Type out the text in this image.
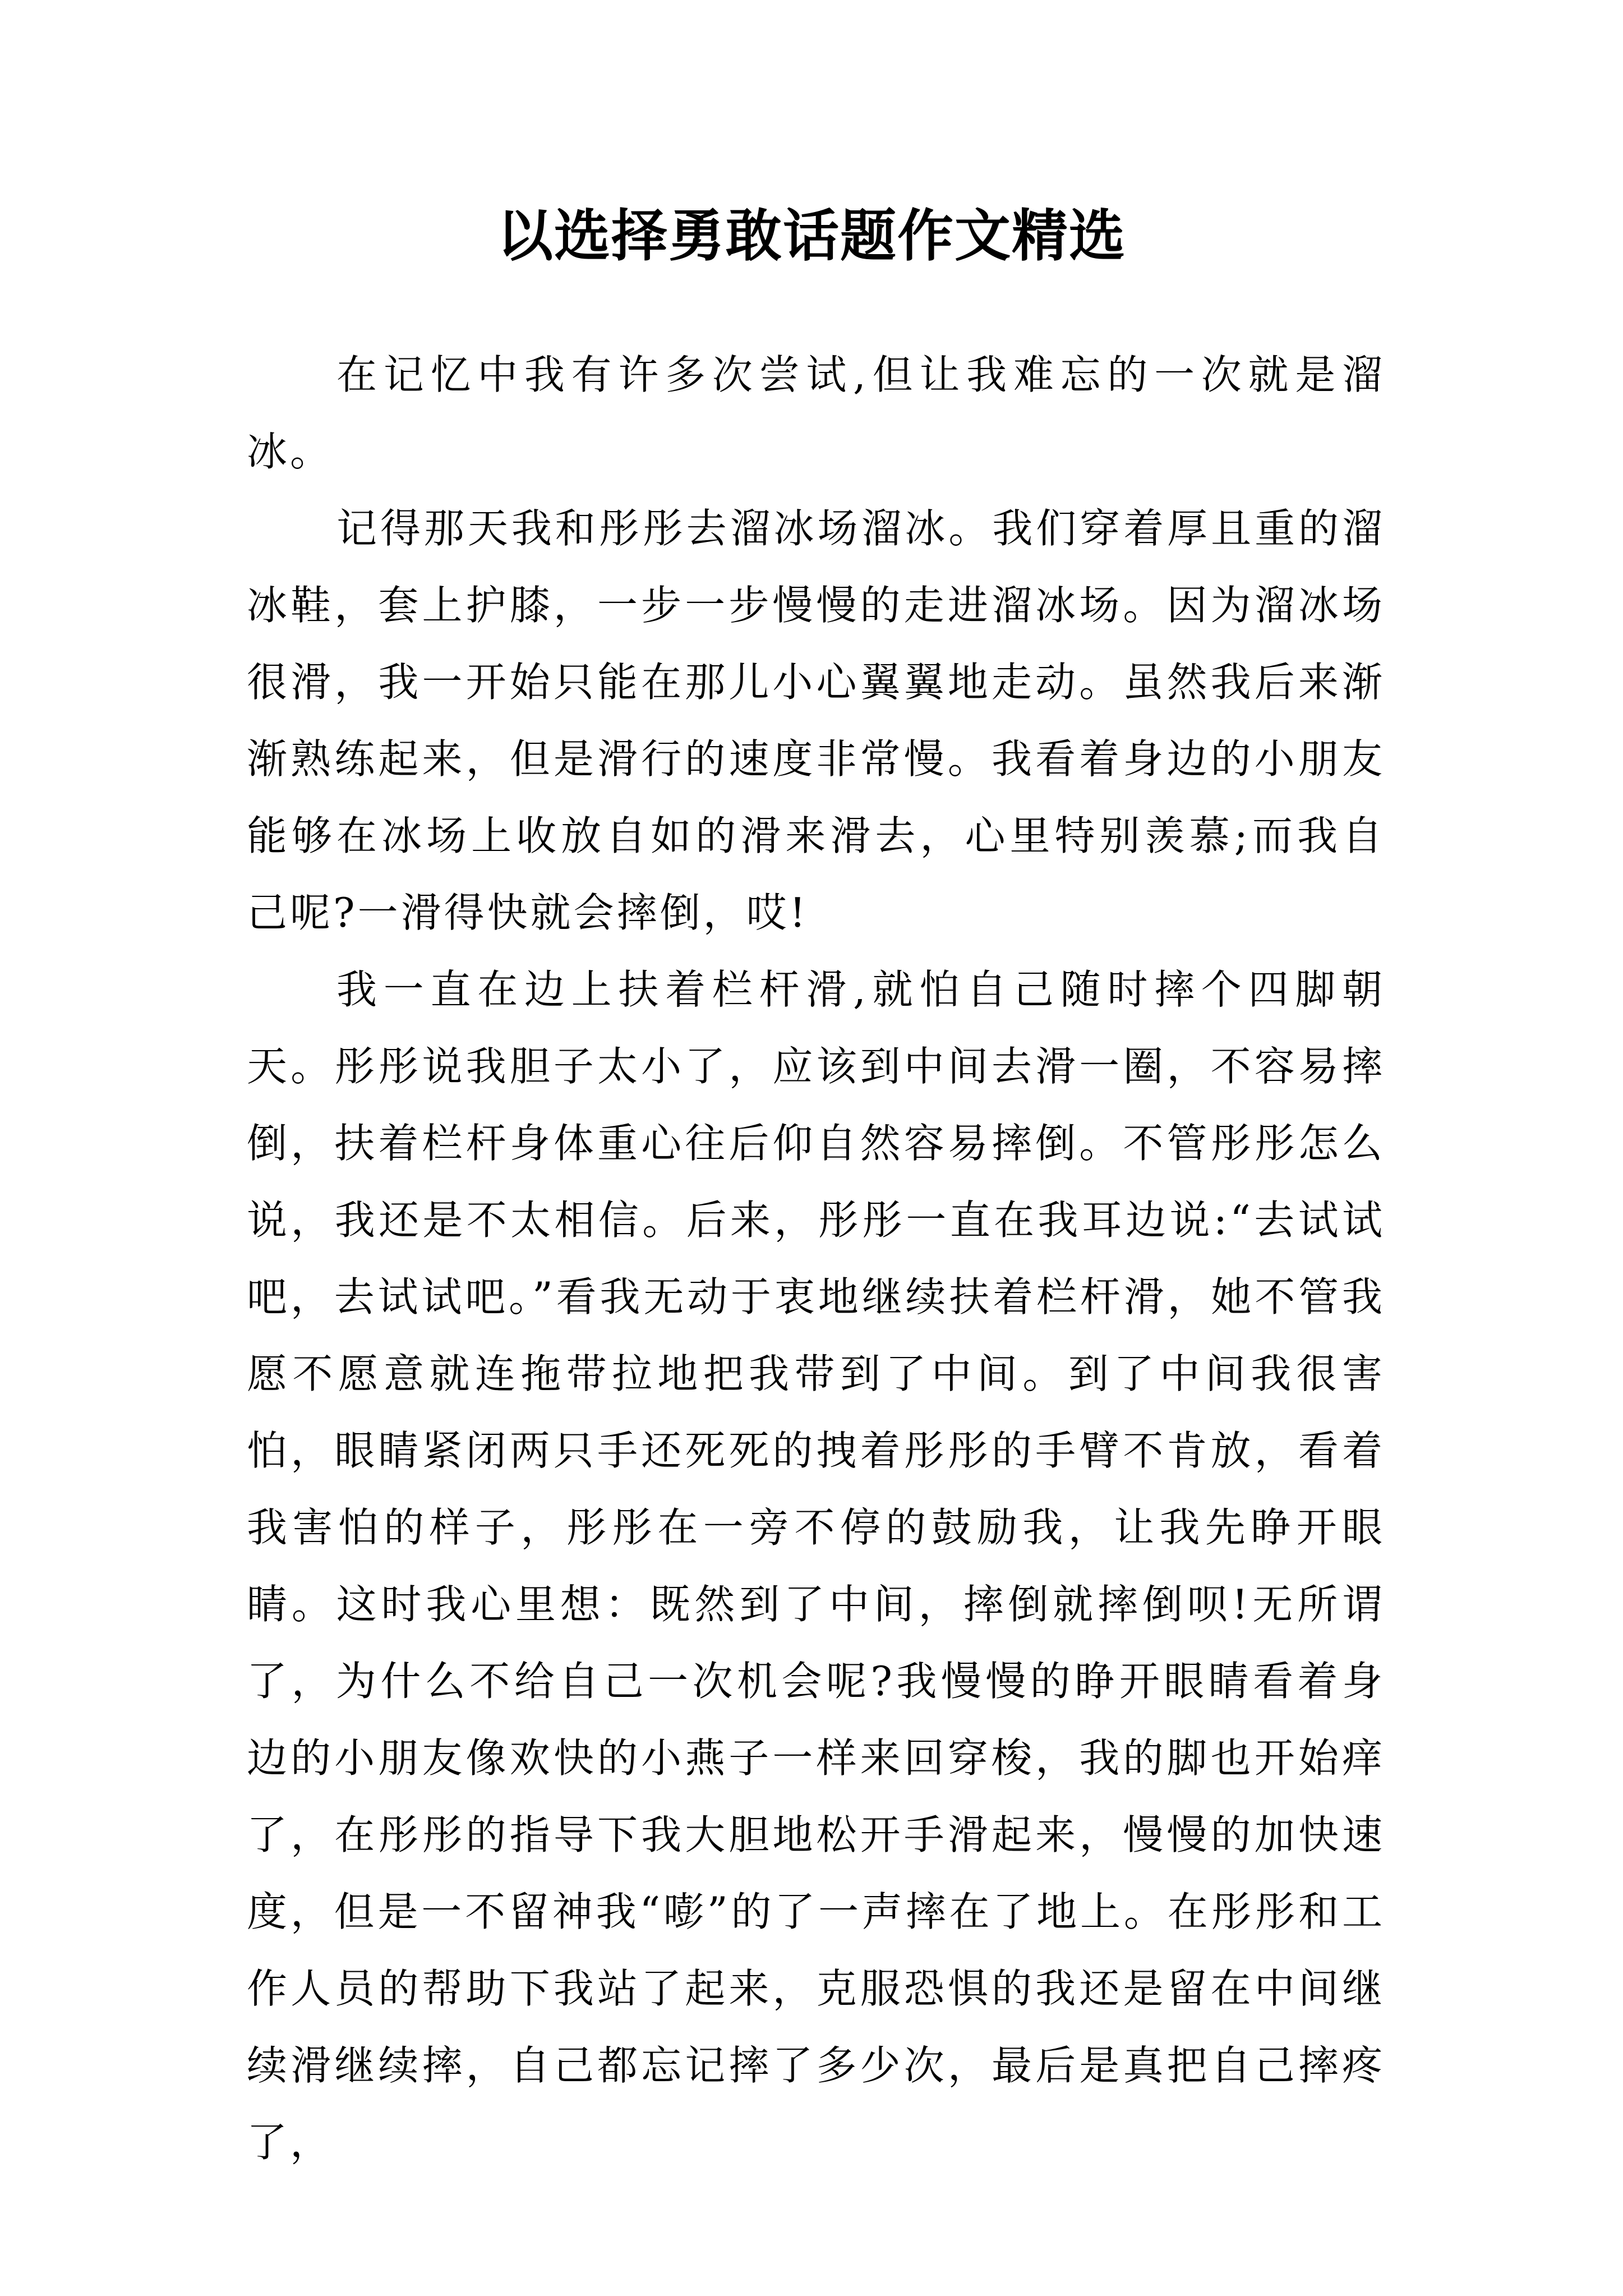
以选择勇敢话题作文精选

在记忆中我有许多次尝试,但让我难忘的一次就是溜冰。

记得那天我和彤彤去溜冰场溜冰。我们穿着厚且重的溜冰鞋，套上护膝，一步一步慢慢的走进溜冰场。因为溜冰场很滑，我一开始只能在那儿小心翼翼地走动。虽然我后来渐渐熟练起来，但是滑行的速度非常慢。我看着身边的小朋友能够在冰场上收放自如的滑来滑去，心里特别羡慕;而我自己呢?一滑得快就会摔倒，哎!

我一直在边上扶着栏杆滑,就怕自己随时摔个四脚朝天。彤彤说我胆子太小了，应该到中间去滑一圈，不容易摔倒，扶着栏杆身体重心往后仰自然容易摔倒。不管彤彤怎么说，我还是不太相信。后来，彤彤一直在我耳边说:“去试试吧，去试试吧。”看我无动于衷地继续扶着栏杆滑，她不管我愿不愿意就连拖带拉地把我带到了中间。到了中间我很害怕，眼睛紧闭两只手还死死的拽着彤彤的手臂不肯放，看着我害怕的样子，彤彤在一旁不停的鼓励我，让我先睁开眼睛。这时我心里想：既然到了中间，摔倒就摔倒呗!无所谓了，为什么不给自己一次机会呢?我慢慢的睁开眼睛看着身边的小朋友像欢快的小燕子一样来回穿梭，我的脚也开始痒了，在彤彤的指导下我大胆地松开手滑起来，慢慢的加快速度，但是一不留神我“嘭”的了一声摔在了地上。在彤彤和工作人员的帮助下我站了起来，克服恐惧的我还是留在中间继续滑继续摔，自己都忘记摔了多少次，最后是真把自己摔疼了，
